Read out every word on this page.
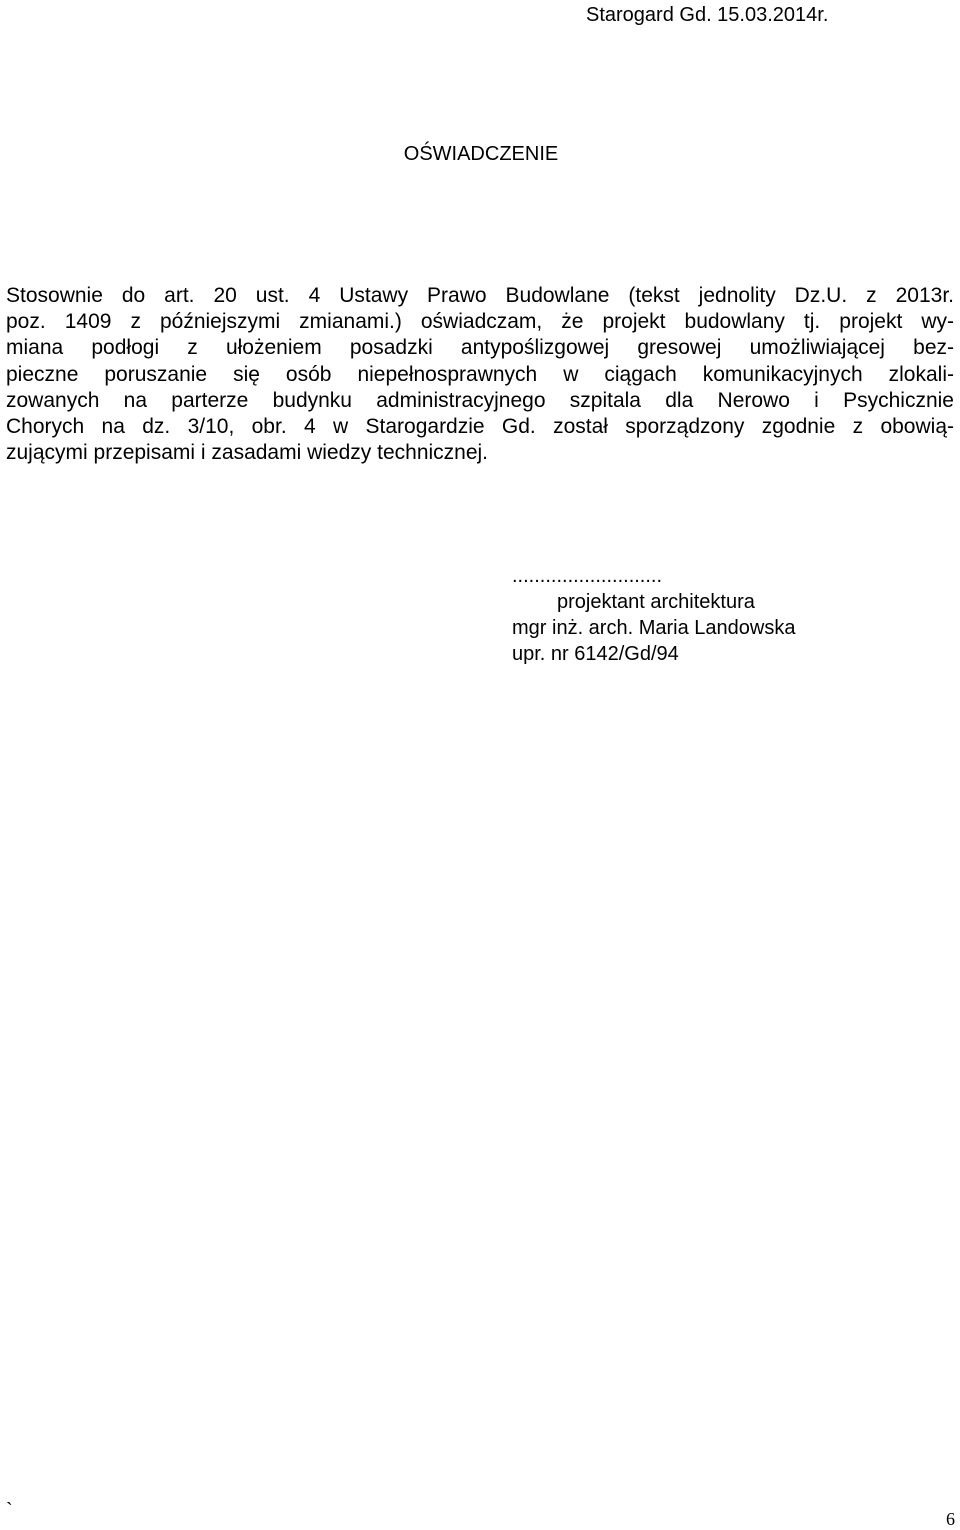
Starogard Gd. 15.03.2014r.
OŚWIADCZENIE
Stosownie do art. 20 ust. 4 Ustawy Prawo Budowlane (tekst jednolity Dz.U. z 2013r.
poz. 1409 z późniejszymi zmianami.) oświadczam, że projekt budowlany tj. projekt wy-
miana podłogi z ułożeniem posadzki antypoślizgowej gresowej umożliwiającej bez-
pieczne poruszanie się osób niepełnosprawnych w ciągach komunikacyjnych zlokali-
zowanych na parterze budynku administracyjnego szpitala dla Nerowo i Psychicznie
Chorych na dz. 3/10, obr. 4 w Starogardzie Gd. został sporządzony zgodnie z obowią-
zującymi przepisami i zasadami wiedzy technicznej.
...........................
projektant architektura
mgr inż. arch. Maria Landowska
upr. nr 6142/Gd/94
`	6
